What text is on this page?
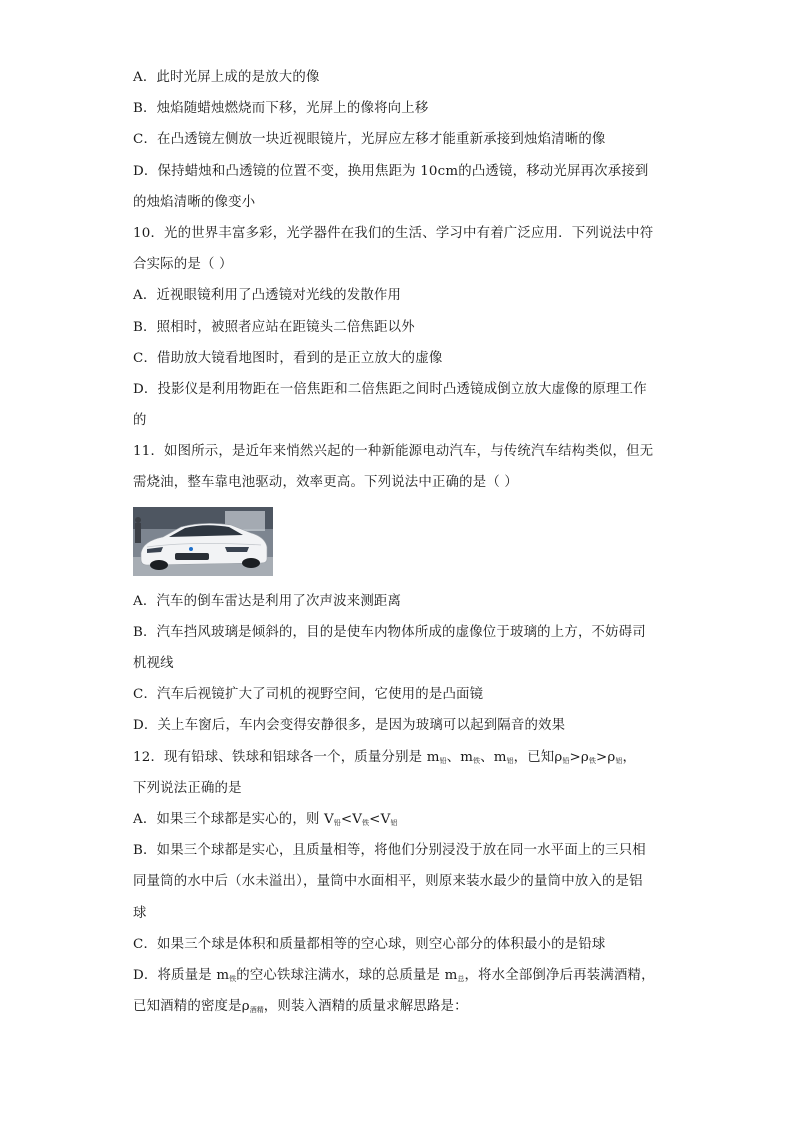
A．此时光屏上成的是放大的像
B．烛焰随蜡烛燃烧而下移，光屏上的像将向上移
C．在凸透镜左侧放一块近视眼镜片，光屏应左移才能重新承接到烛焰清晰的像
D．保持蜡烛和凸透镜的位置不变，换用焦距为 10cm的凸透镜，移动光屏再次承接到
的烛焰清晰的像变小
10．光的世界丰富多彩，光学器件在我们的生活、学习中有着广泛应用．下列说法中符
合实际的是（ ）
A．近视眼镜利用了凸透镜对光线的发散作用
B．照相时，被照者应站在距镜头二倍焦距以外
C．借助放大镜看地图时，看到的是正立放大的虚像
D．投影仪是利用物距在一倍焦距和二倍焦距之间时凸透镜成倒立放大虚像的原理工作
的
11．如图所示，是近年来悄然兴起的一种新能源电动汽车，与传统汽车结构类似，但无
需烧油，整车靠电池驱动，效率更高。下列说法中正确的是（ ）
A．汽车的倒车雷达是利用了次声波来测距离
B．汽车挡风玻璃是倾斜的，目的是使车内物体所成的虚像位于玻璃的上方，不妨碍司
机视线
C．汽车后视镜扩大了司机的视野空间，它使用的是凸面镜
D．关上车窗后，车内会变得安静很多，是因为玻璃可以起到隔音的效果
12．现有铅球、铁球和铝球各一个，质量分别是 $m_铅$、$m_铁$、$m_铝$，已知$\rho_铅>\rho_铁>\rho_铝$，
下列说法正确的是
A．如果三个球都是实心的，则 $V_铅<V_铁<V_铝$
B．如果三个球都是实心，且质量相等，将他们分别浸没于放在同一水平面上的三只相
同量筒的水中后（水未溢出），量筒中水面相平，则原来装水最少的量筒中放入的是铝
球
C．如果三个球是体积和质量都相等的空心球，则空心部分的体积最小的是铅球
D．将质量是 $m_铁$的空心铁球注满水，球的总质量是 $m_总$，将水全部倒净后再装满酒精，
已知酒精的密度是$\rho_{酒精}$，则装入酒精的质量求解思路是：
